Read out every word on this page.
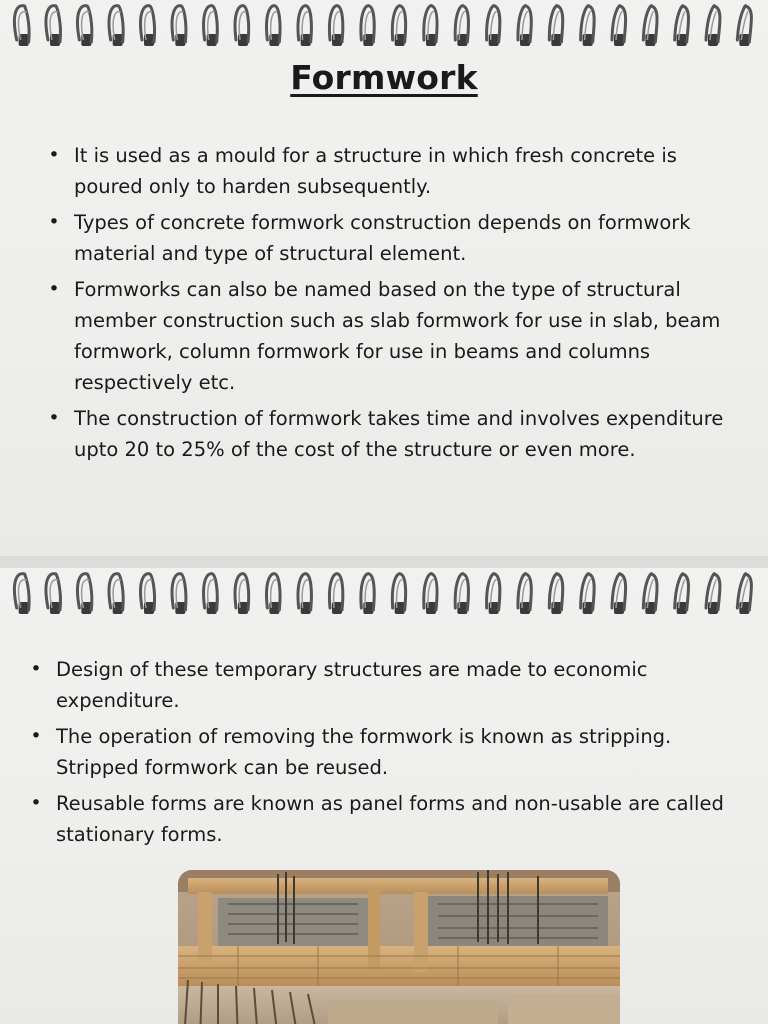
Formwork
• It is used as a mould for a structure in which fresh concrete is poured only to harden subsequently.
• Types of concrete formwork construction depends on formwork material and type of structural element.
• Formworks can also be named based on the type of structural member construction such as slab formwork for use in slab, beam formwork, column formwork for use in beams and columns respectively etc.
• The construction of formwork takes time and involves expenditure upto 20 to 25% of the cost of the structure or even more.
• Design of these temporary structures are made to economic expenditure.
• The operation of removing the formwork is known as stripping. Stripped formwork can be reused.
• Reusable forms are known as panel forms and non-usable are called stationary forms.
